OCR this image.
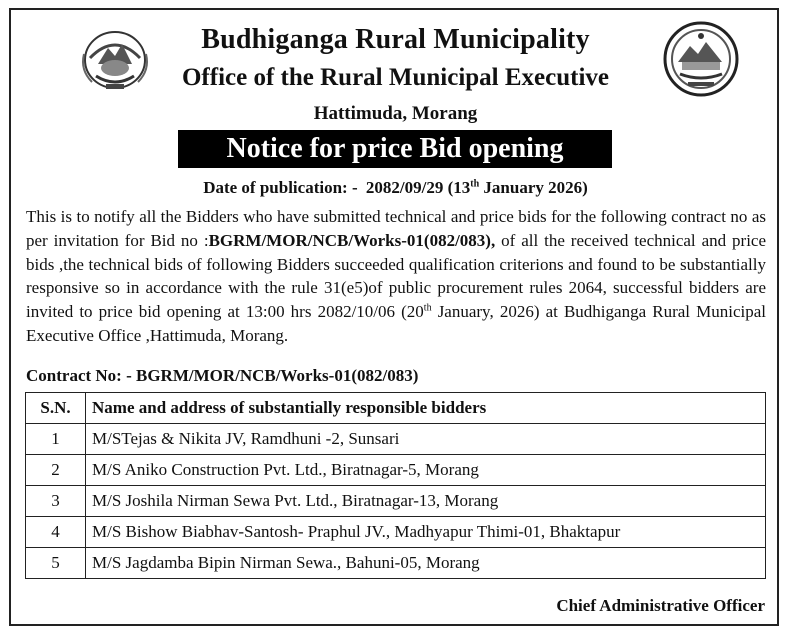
Budhiganga Rural Municipality
Office of the Rural Municipal Executive
Hattimuda, Morang
Notice for price Bid opening
Date of publication: - 2082/09/29 (13th January 2026)
This is to notify all the Bidders who have submitted technical and price bids for the following contract no as per invitation for Bid no :BGRM/MOR/NCB/Works-01(082/083), of all the received technical and price bids ,the technical bids of following Bidders succeeded qualification criterions and found to be substantially responsive so in accordance with the rule 31(e5)of public procurement rules 2064, successful bidders are invited to price bid opening at 13:00 hrs 2082/10/06 (20th January, 2026) at Budhiganga Rural Municipal Executive Office ,Hattimuda, Morang.
Contract No: - BGRM/MOR/NCB/Works-01(082/083)
S.N.	Name and address of substantially responsible bidders
1	M/STejas & Nikita JV, Ramdhuni -2, Sunsari
2	M/S Aniko Construction Pvt. Ltd., Biratnagar-5, Morang
3	M/S Joshila Nirman Sewa Pvt. Ltd., Biratnagar-13, Morang
4	M/S Bishow Biabhav-Santosh- Praphul JV., Madhyapur Thimi-01, Bhaktapur
5	M/S Jagdamba Bipin Nirman Sewa., Bahuni-05, Morang
Chief Administrative Officer
